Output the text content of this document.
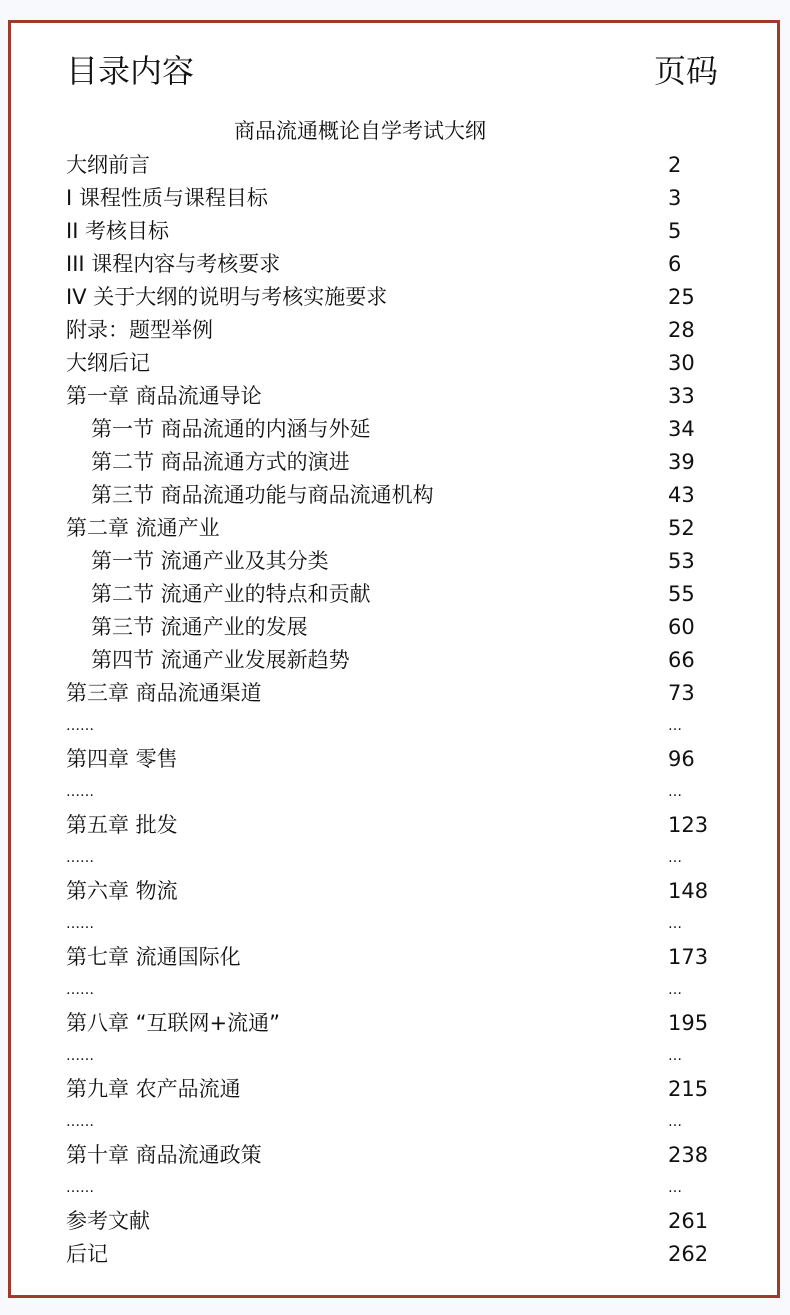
目录内容	页码
商品流通概论自学考试大纲
大纲前言	2
I 课程性质与课程目标	3
II 考核目标	5
III 课程内容与考核要求	6
IV 关于大纲的说明与考核实施要求	25
附录：题型举例	28
大纲后记	30
第一章 商品流通导论	33
第一节 商品流通的内涵与外延	34
第二节 商品流通方式的演进	39
第三节 商品流通功能与商品流通机构	43
第二章 流通产业	52
第一节 流通产业及其分类	53
第二节 流通产业的特点和贡献	55
第三节 流通产业的发展	60
第四节 流通产业发展新趋势	66
第三章 商品流通渠道	73
……	…
第四章 零售	96
……	…
第五章 批发	123
……	…
第六章 物流	148
……	…
第七章 流通国际化	173
……	…
第八章 “互联网+流通”	195
……	…
第九章 农产品流通	215
……	…
第十章 商品流通政策	238
……	…
参考文献	261
后记	262
